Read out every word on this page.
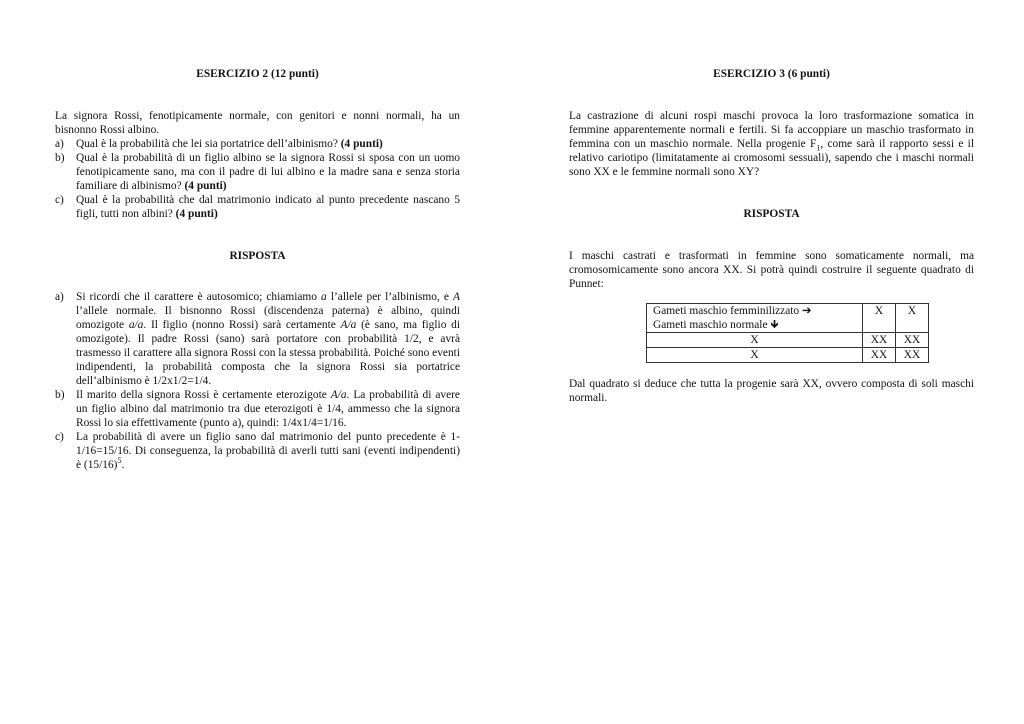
ESERCIZIO 2 (12 punti)

La signora Rossi, fenotipicamente normale, con genitori e nonni normali, ha un bisnonno Rossi albino.

a) Qual è la probabilità che lei sia portatrice dell’albinismo? (4 punti)
b) Qual è la probabilità di un figlio albino se la signora Rossi si sposa con un uomo fenotipicamente sano, ma con il padre di lui albino e la madre sana e senza storia familiare di albinismo? (4 punti)
c) Qual è la probabilità che dal matrimonio indicato al punto precedente nascano 5 figli, tutti non albini? (4 punti)
RISPOSTA
a) Si ricordi che il carattere è autosomico; chiamiamo a l’allele per l’albinismo, e A l’allele normale. Il bisnonno Rossi (discendenza paterna) è albino, quindi omozigote a/a. Il figlio (nonno Rossi) sarà certamente A/a (è sano, ma figlio di omozigote). Il padre Rossi (sano) sarà portatore con probabilità 1/2, e avrà trasmesso il carattere alla signora Rossi con la stessa probabilità. Poiché sono eventi indipendenti, la probabilità composta che la signora Rossi sia portatrice dell’albinismo è 1/2x1/2=1/4.
b) Il marito della signora Rossi è certamente eterozigote A/a. La probabilità di avere un figlio albino dal matrimonio tra due eterozigoti è 1/4, ammesso che la signora Rossi lo sia effettivamente (punto a), quindi: 1/4x1/4=1/16.
c) La probabilità di avere un figlio sano dal matrimonio del punto precedente è 1-1/16=15/16. Di conseguenza, la probabilità di averli tutti sani (eventi indipendenti) è $(15/16)^5$.
ESERCIZIO 3 (6 punti)

La castrazione di alcuni rospi maschi provoca la loro trasformazione somatica in femmine apparentemente normali e fertili. Si fa accoppiare un maschio trasformato in femmina con un maschio normale. Nella progenie $F_1$, come sarà il rapporto sessi e il relativo cariotipo (limitatamente ai cromosomi sessuali), sapendo che i maschi normali sono XX e le femmine normali sono XY?

RISPOSTA

I maschi castrati e trasformati in femmine sono somaticamente normali, ma cromosomicamente sono ancora XX. Si potrà quindi costruire il seguente quadrato di Punnet:

Gameti maschio femminilizzato ➔
Gameti maschio normale 🡻	X	X
X	XX	XX
X	XX	XX

Dal quadrato si deduce che tutta la progenie sarà XX, ovvero composta di soli maschi normali.
